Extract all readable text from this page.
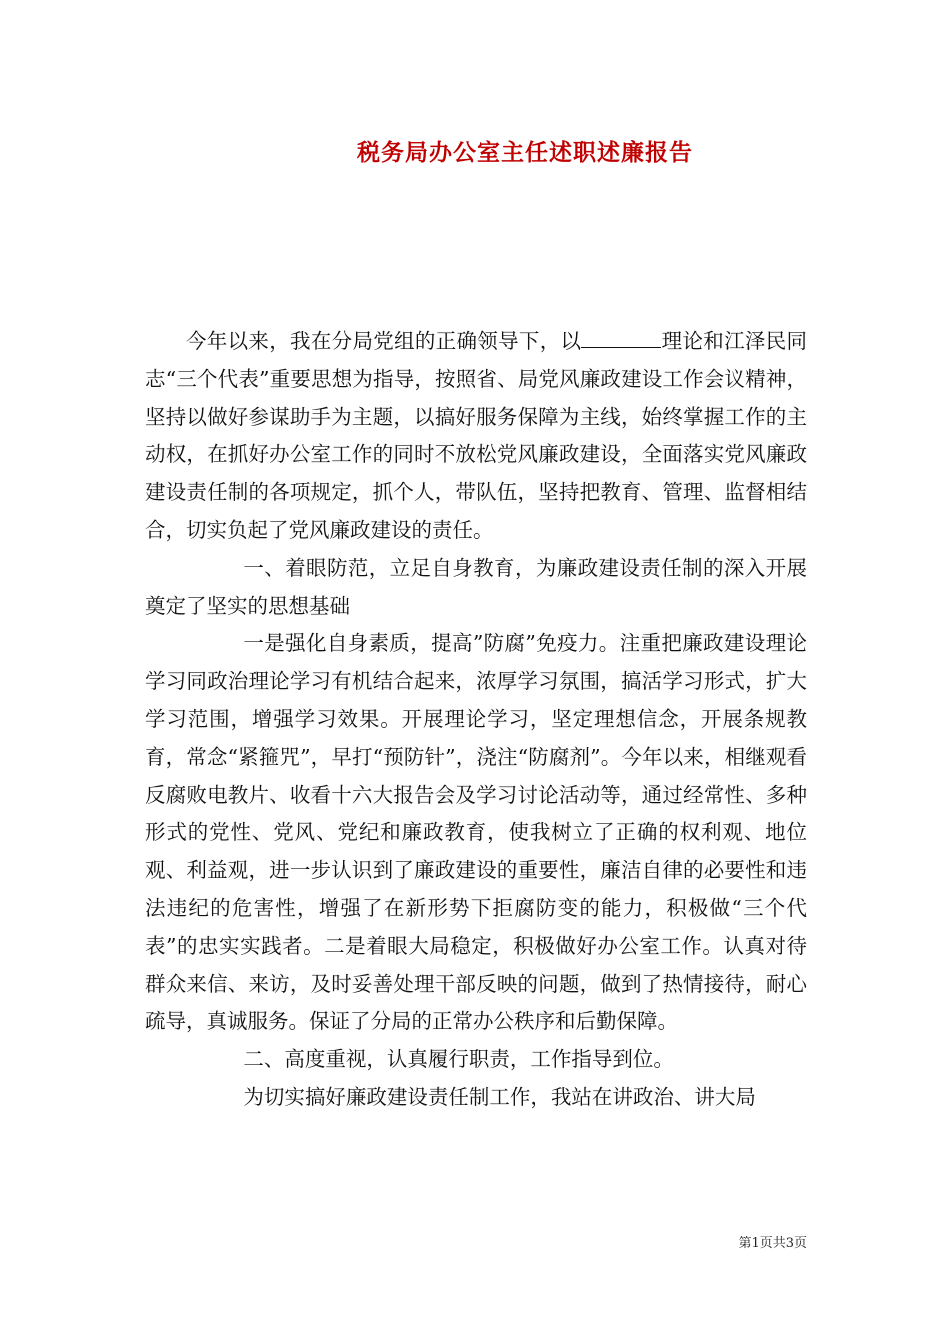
税务局办公室主任述职述廉报告

今年以来，我在分局党组的正确领导下，以	理论和江泽民同志“三个代表”重要思想为指导，按照省、局党风廉政建设工作会议精神，坚持以做好参谋助手为主题，以搞好服务保障为主线，始终掌握工作的主动权，在抓好办公室工作的同时不放松党风廉政建设，全面落实党风廉政建设责任制的各项规定，抓个人，带队伍，坚持把教育、管理、监督相结合，切实负起了党风廉政建设的责任。

一、着眼防范，立足自身教育，为廉政建设责任制的深入开展奠定了坚实的思想基础

一是强化自身素质，提高”防腐”免疫力。注重把廉政建设理论学习同政治理论学习有机结合起来，浓厚学习氛围，搞活学习形式，扩大学习范围，增强学习效果。开展理论学习，坚定理想信念，开展条规教育，常念“紧箍咒”，早打“预防针”，浇注“防腐剂”。今年以来，相继观看反腐败电教片、收看十六大报告会及学习讨论活动等，通过经常性、多种形式的党性、党风、党纪和廉政教育，使我树立了正确的权利观、地位观、利益观，进一步认识到了廉政建设的重要性，廉洁自律的必要性和违法违纪的危害性，增强了在新形势下拒腐防变的能力，积极做“三个代表”的忠实实践者。二是着眼大局稳定，积极做好办公室工作。认真对待群众来信、来访，及时妥善处理干部反映的问题，做到了热情接待，耐心疏导，真诚服务。保证了分局的正常办公秩序和后勤保障。

二、高度重视，认真履行职责，工作指导到位。

为切实搞好廉政建设责任制工作，我站在讲政治、讲大局

第1页共3页
